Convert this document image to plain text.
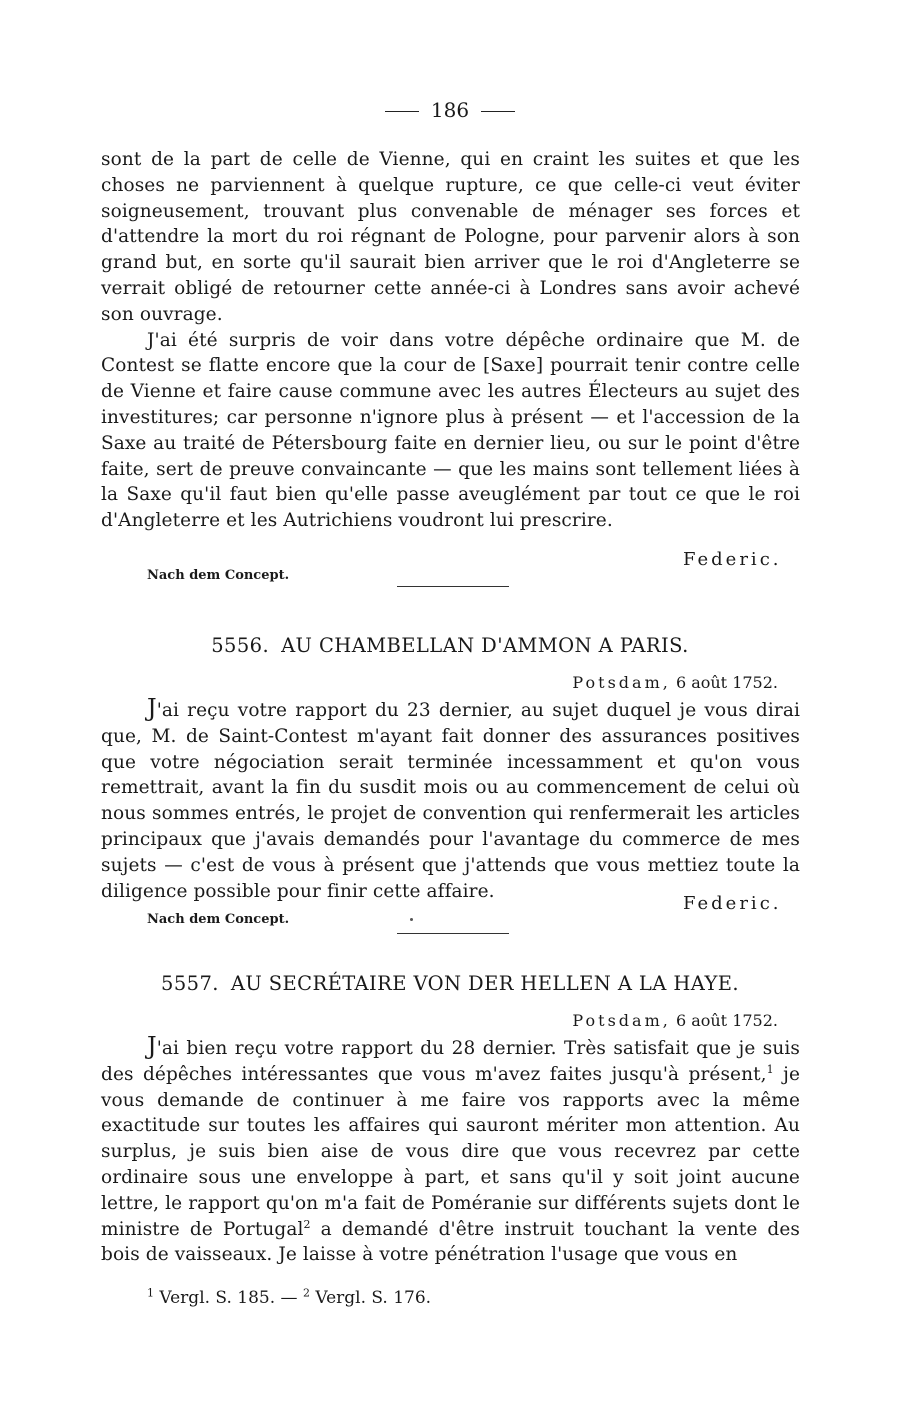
186

sont de la part de celle de Vienne, qui en craint les suites et que les choses ne parviennent à quelque rupture, ce que celle-ci veut éviter soigneusement, trouvant plus convenable de ménager ses forces et d'attendre la mort du roi régnant de Pologne, pour parvenir alors à son grand but, en sorte qu'il saurait bien arriver que le roi d'Angleterre se verrait obligé de retourner cette année-ci à Londres sans avoir achevé son ouvrage.

J'ai été surpris de voir dans votre dépêche ordinaire que M. de Contest se flatte encore que la cour de [Saxe] pourrait tenir contre celle de Vienne et faire cause commune avec les autres Électeurs au sujet des investitures; car personne n'ignore plus à présent — et l'accession de la Saxe au traité de Pétersbourg faite en dernier lieu, ou sur le point d'être faite, sert de preuve convaincante — que les mains sont tellement liées à la Saxe qu'il faut bien qu'elle passe aveuglément par tout ce que le roi d'Angleterre et les Autrichiens voudront lui prescrire.

Federic.
Nach dem Concept.
5556. AU CHAMBELLAN D'AMMON A PARIS.
Potsdam, 6 août 1752.

J'ai reçu votre rapport du 23 dernier, au sujet duquel je vous dirai que, M. de Saint-Contest m'ayant fait donner des assurances positives que votre négociation serait terminée incessamment et qu'on vous remettrait, avant la fin du susdit mois ou au commencement de celui où nous sommes entrés, le projet de convention qui renfermerait les articles principaux que j'avais demandés pour l'avantage du commerce de mes sujets — c'est de vous à présent que j'attends que vous mettiez toute la diligence possible pour finir cette affaire.

Federic.
Nach dem Concept.
5557. AU SECRÉTAIRE VON DER HELLEN A LA HAYE.
Potsdam, 6 août 1752.

J'ai bien reçu votre rapport du 28 dernier. Très satisfait que je suis des dépêches intéressantes que vous m'avez faites jusqu'à présent,$^1$ je vous demande de continuer à me faire vos rapports avec la même exactitude sur toutes les affaires qui sauront mériter mon attention. Au surplus, je suis bien aise de vous dire que vous recevrez par cette ordinaire sous une enveloppe à part, et sans qu'il y soit joint aucune lettre, le rapport qu'on m'a fait de Poméranie sur différents sujets dont le ministre de Portugal$^2$ a demandé d'être instruit touchant la vente des bois de vaisseaux. Je laisse à votre pénétration l'usage que vous en

$^1$ Vergl. S. 185. — $^2$ Vergl. S. 176.
